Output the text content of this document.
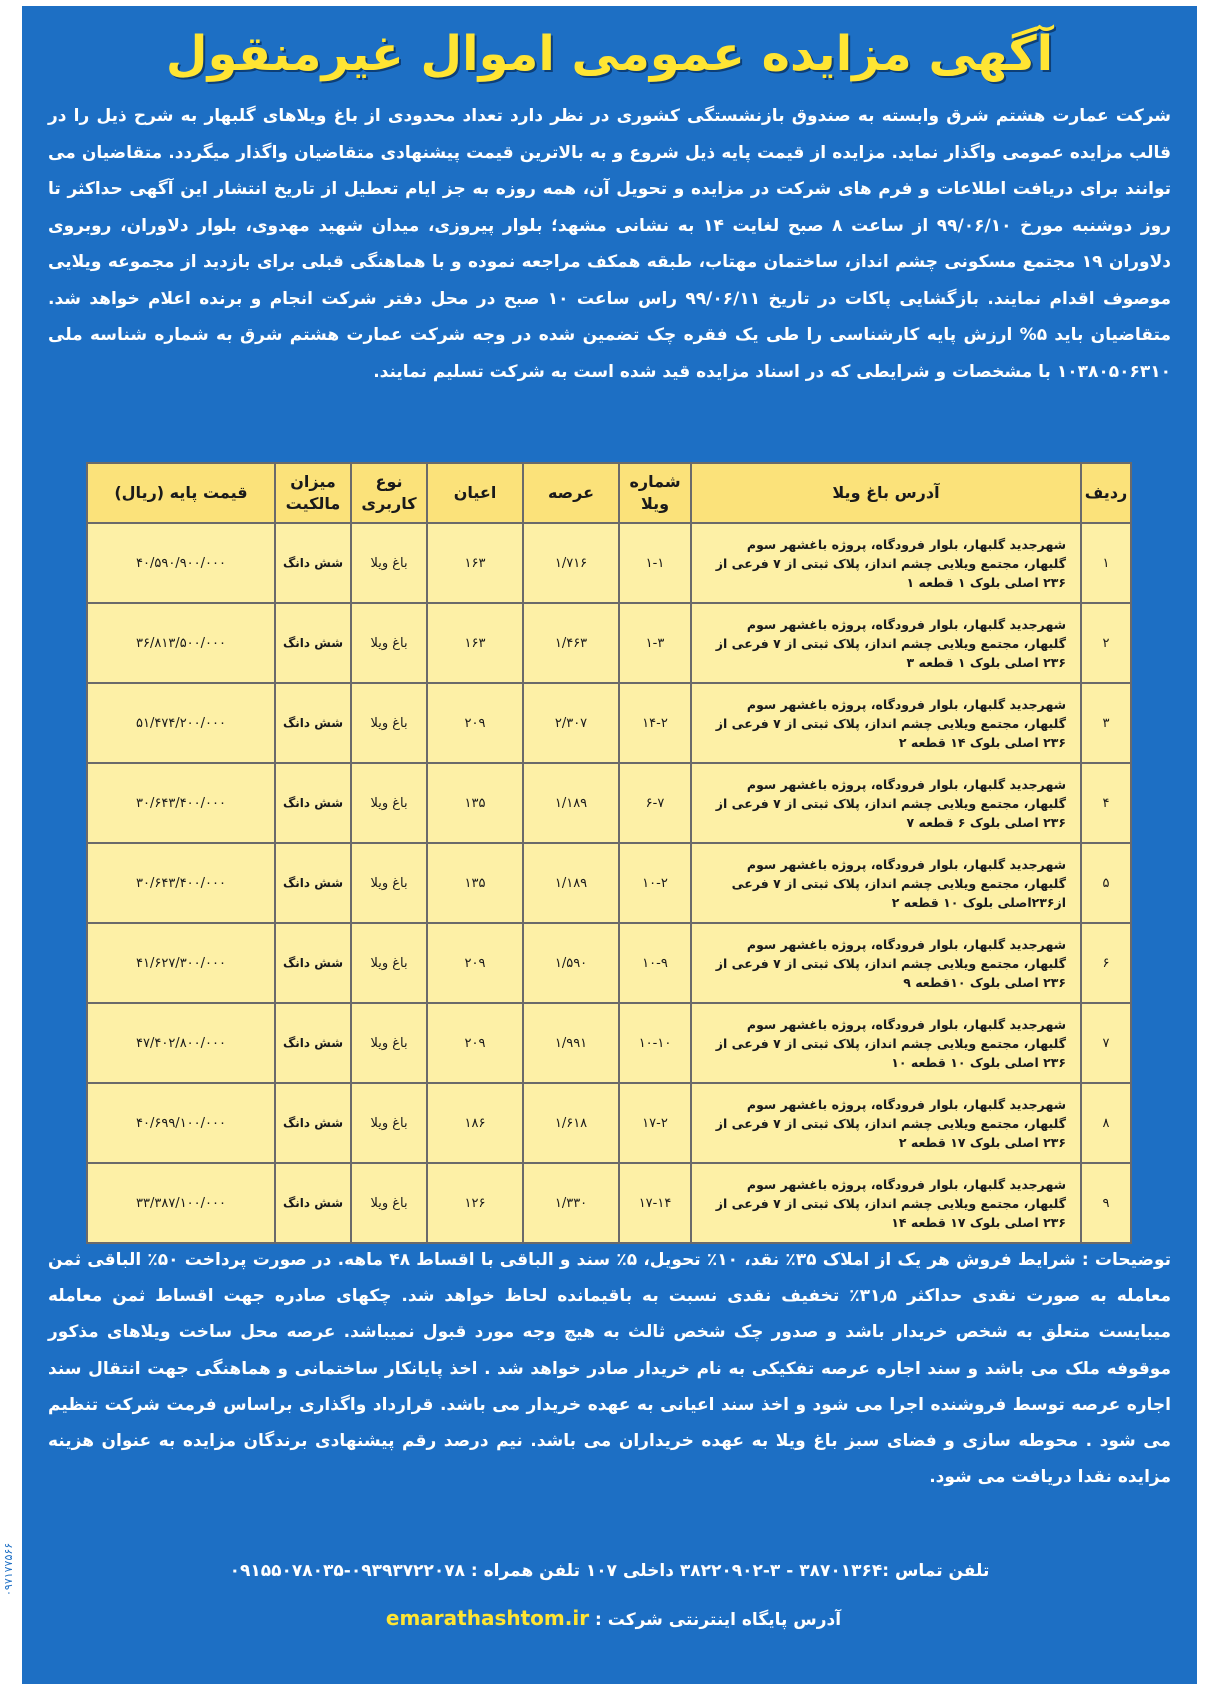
آگهی مزایده عمومی اموال غیرمنقول
شرکت عمارت هشتم شرق وابسته به صندوق بازنشستگی کشوری در نظر دارد تعداد محدودی از باغ ویلاهای گلبهار به شرح ذیل را در قالب مزایده عمومی واگذار نماید. مزایده از قیمت پایه ذیل شروع و به بالاترین قیمت پیشنهادی متقاضیان واگذار میگردد. متقاضیان می توانند برای دریافت اطلاعات و فرم های شرکت در مزایده و تحویل آن، همه روزه به جز ایام تعطیل از تاریخ انتشار این آگهی حداکثر تا روز دوشنبه مورخ ۹۹/۰۶/۱۰ از ساعت ۸ صبح لغایت ۱۴ به نشانی مشهد؛ بلوار پیروزی، میدان شهید مهدوی، بلوار دلاوران، روبروی دلاوران ۱۹ مجتمع مسکونی چشم انداز، ساختمان مهتاب، طبقه همکف مراجعه نموده و با هماهنگی قبلی برای بازدید از مجموعه ویلایی موصوف اقدام نمایند. بازگشایی پاکات در تاریخ ۹۹/۰۶/۱۱ راس ساعت ۱۰ صبح در محل دفتر شرکت انجام و برنده اعلام خواهد شد. متقاضیان باید ۵% ارزش پایه کارشناسی را طی یک فقره چک تضمین شده در وجه شرکت عمارت هشتم شرق به شماره شناسه ملی ۱۰۳۸۰۵۰۶۳۱۰ با مشخصات و شرایطی که در اسناد مزایده قید شده است به شرکت تسلیم نمایند.
ردیف	آدرس باغ ویلا	شماره ویلا	عرصه	اعیان	نوع کاربری	میزان مالکیت	قیمت پایه (ریال)
۱	شهرجدید گلبهار، بلوار فرودگاه، پروژه باغشهر سوم گلبهار، مجتمع ویلایی چشم انداز، پلاک ثبتی از ۷ فرعی از ۲۳۶ اصلی بلوک ۱ قطعه ۱	۱-۱	۱/۷۱۶	۱۶۳	باغ ویلا	شش دانگ	۴۰/۵۹۰/۹۰۰/۰۰۰
۲	شهرجدید گلبهار، بلوار فرودگاه، پروژه باغشهر سوم گلبهار، مجتمع ویلایی چشم انداز، پلاک ثبتی از ۷ فرعی از ۲۳۶ اصلی بلوک ۱ قطعه ۳	۱-۳	۱/۴۶۳	۱۶۳	باغ ویلا	شش دانگ	۳۶/۸۱۳/۵۰۰/۰۰۰
۳	شهرجدید گلبهار، بلوار فرودگاه، پروژه باغشهر سوم گلبهار، مجتمع ویلایی چشم انداز، پلاک ثبتی از ۷ فرعی از ۲۳۶ اصلی بلوک ۱۴ قطعه ۲	۱۴-۲	۲/۳۰۷	۲۰۹	باغ ویلا	شش دانگ	۵۱/۴۷۴/۲۰۰/۰۰۰
۴	شهرجدید گلبهار، بلوار فرودگاه، پروژه باغشهر سوم گلبهار، مجتمع ویلایی چشم انداز، پلاک ثبتی از ۷ فرعی از ۲۳۶ اصلی بلوک ۶ قطعه ۷	۶-۷	۱/۱۸۹	۱۳۵	باغ ویلا	شش دانگ	۳۰/۶۴۳/۴۰۰/۰۰۰
۵	شهرجدید گلبهار، بلوار فرودگاه، پروژه باغشهر سوم گلبهار، مجتمع ویلایی چشم انداز، پلاک ثبتی از ۷ فرعی از۲۳۶اصلی بلوک ۱۰ قطعه ۲	۱۰-۲	۱/۱۸۹	۱۳۵	باغ ویلا	شش دانگ	۳۰/۶۴۳/۴۰۰/۰۰۰
۶	شهرجدید گلبهار، بلوار فرودگاه، پروژه باغشهر سوم گلبهار، مجتمع ویلایی چشم انداز، پلاک ثبتی از ۷ فرعی از ۲۳۶ اصلی بلوک ۱۰قطعه ۹	۱۰-۹	۱/۵۹۰	۲۰۹	باغ ویلا	شش دانگ	۴۱/۶۲۷/۳۰۰/۰۰۰
۷	شهرجدید گلبهار، بلوار فرودگاه، پروژه باغشهر سوم گلبهار، مجتمع ویلایی چشم انداز، پلاک ثبتی از ۷ فرعی از ۲۳۶ اصلی بلوک ۱۰ قطعه ۱۰	۱۰-۱۰	۱/۹۹۱	۲۰۹	باغ ویلا	شش دانگ	۴۷/۴۰۲/۸۰۰/۰۰۰
۸	شهرجدید گلبهار، بلوار فرودگاه، پروژه باغشهر سوم گلبهار، مجتمع ویلایی چشم انداز، پلاک ثبتی از ۷ فرعی از ۲۳۶ اصلی بلوک ۱۷ قطعه ۲	۱۷-۲	۱/۶۱۸	۱۸۶	باغ ویلا	شش دانگ	۴۰/۶۹۹/۱۰۰/۰۰۰
۹	شهرجدید گلبهار، بلوار فرودگاه، پروژه باغشهر سوم گلبهار، مجتمع ویلایی چشم انداز، پلاک ثبتی از ۷ فرعی از ۲۳۶ اصلی بلوک ۱۷ قطعه ۱۴	۱۷-۱۴	۱/۳۳۰	۱۲۶	باغ ویلا	شش دانگ	۳۳/۳۸۷/۱۰۰/۰۰۰
توضیحات : شرایط فروش هر یک از املاک ۳۵٪ نقد، ۱۰٪ تحویل، ۵٪ سند و الباقی با اقساط ۴۸ ماهه. در صورت پرداخت ۵۰٪ الباقی ثمن معامله به صورت نقدی حداکثر ۳۱٫۵٪ تخفیف نقدی نسبت به باقیمانده لحاظ خواهد شد. چکهای صادره جهت اقساط ثمن معامله میبایست متعلق به شخص خریدار باشد و صدور چک شخص ثالث به هیچ وجه مورد قبول نمیباشد. عرصه محل ساخت ویلاهای مذکور موقوفه ملک می باشد و سند اجاره عرصه تفکیکی به نام خریدار صادر خواهد شد . اخذ پایانکار ساختمانی و هماهنگی جهت انتقال سند اجاره عرصه توسط فروشنده اجرا می شود و اخذ سند اعیانی به عهده خریدار می باشد. قرارداد واگذاری براساس فرمت شرکت تنظیم می شود . محوطه سازی و فضای سبز باغ ویلا به عهده خریداران می باشد. نیم درصد رقم پیشنهادی برندگان مزایده به عنوان هزینه مزایده نقدا دریافت می شود.
تلفن تماس :۳۸۷۰۱۳۶۴ - ۳-۳۸۲۲۰۹۰۲ داخلی ۱۰۷ تلفن همراه : ۰۹۳۹۳۷۲۲۰۷۸-۰۹۱۵۵۰۷۸۰۳۵
آدرس پایگاه اینترنتی شرکت : emarathashtom.ir
۰۹۷۱۷۷۵۶۶
